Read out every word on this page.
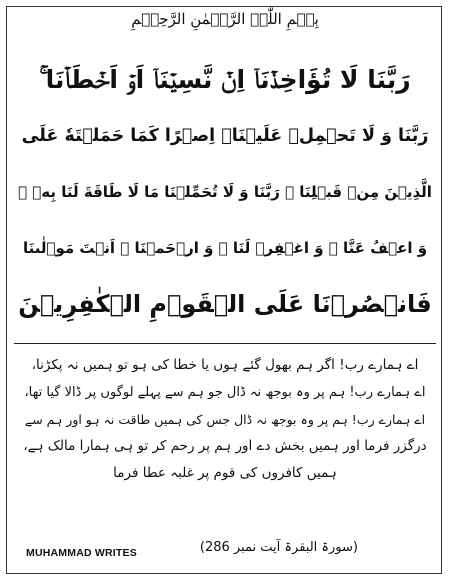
بِسۡمِ اللّٰہِ الرَّحۡمٰنِ الرَّحِیۡمِ
رَبَّنَا لَا تُؤَاخِذۡنَاۤ اِنۡ نَّسِیۡنَاۤ اَوۡ اَخۡطَاۡنَا ۚ
رَبَّنَا وَ لَا تَحۡمِلۡ عَلَیۡنَاۤ اِصۡرًا کَمَا حَمَلۡتَهٗ عَلَی
الَّذِیۡنَ مِنۡ قَبۡلِنَا ۚ رَبَّنَا وَ لَا تُحَمِّلۡنَا مَا لَا طَاقَةَ لَنَا بِهٖ ۚ
وَ اعۡفُ عَنَّا ٝ وَ اغۡفِرۡ لَنَا ٝ وَ ارۡحَمۡنَا ٝ اَنۡتَ مَوۡلٰىنَا
فَانۡصُرۡنَا عَلَی الۡقَوۡمِ الۡکٰفِرِیۡنَ
اے ہمارے رب! اگر ہم بھول گئے ہوں یا خطا کی ہو تو ہمیں نہ پکڑنا،
اے ہمارے رب! ہم پر وہ بوجھ نہ ڈال جو ہم سے پہلے لوگوں پر ڈالا گیا تھا،
اے ہمارے رب! ہم پر وہ بوجھ نہ ڈال جس کی ہمیں طاقت نہ ہو اور ہم سے
درگزر فرما اور ہمیں بخش دے اور ہم پر رحم کر تو ہی ہمارا مالک ہے،
ہمیں کافروں کی قوم پر غلبہ عطا فرما
MUHAMMAD WRITES	(سورۃ البقرۃ آیت نمبر 286)
